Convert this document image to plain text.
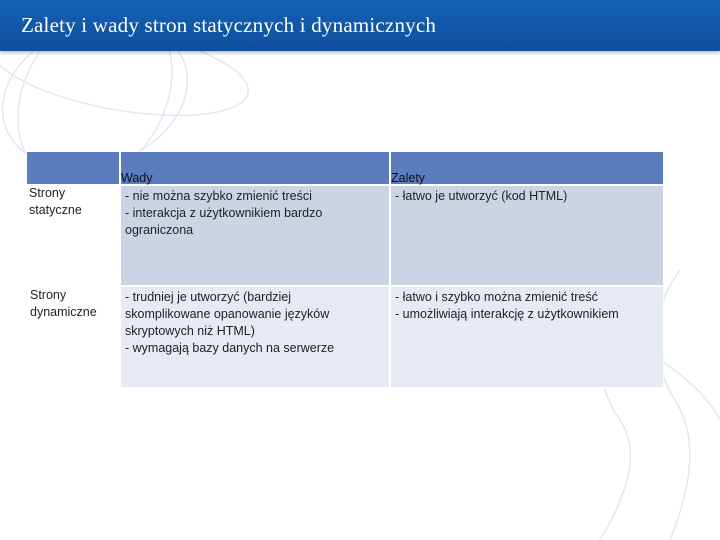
Zalety i wady stron statycznych i dynamicznych

Wady	Zalety

Strony
statyczne
- nie można szybko zmienić treści
- interakcja z użytkownikiem bardzo
ograniczona
- łatwo je utworzyć (kod HTML)
Strony
dynamiczne
- trudniej je utworzyć (bardziej
skomplikowane opanowanie języków
skryptowych niż HTML)
- wymagają bazy danych na serwerze
- łatwo i szybko można zmienić treść
- umożliwiają interakcję z użytkownikiem
